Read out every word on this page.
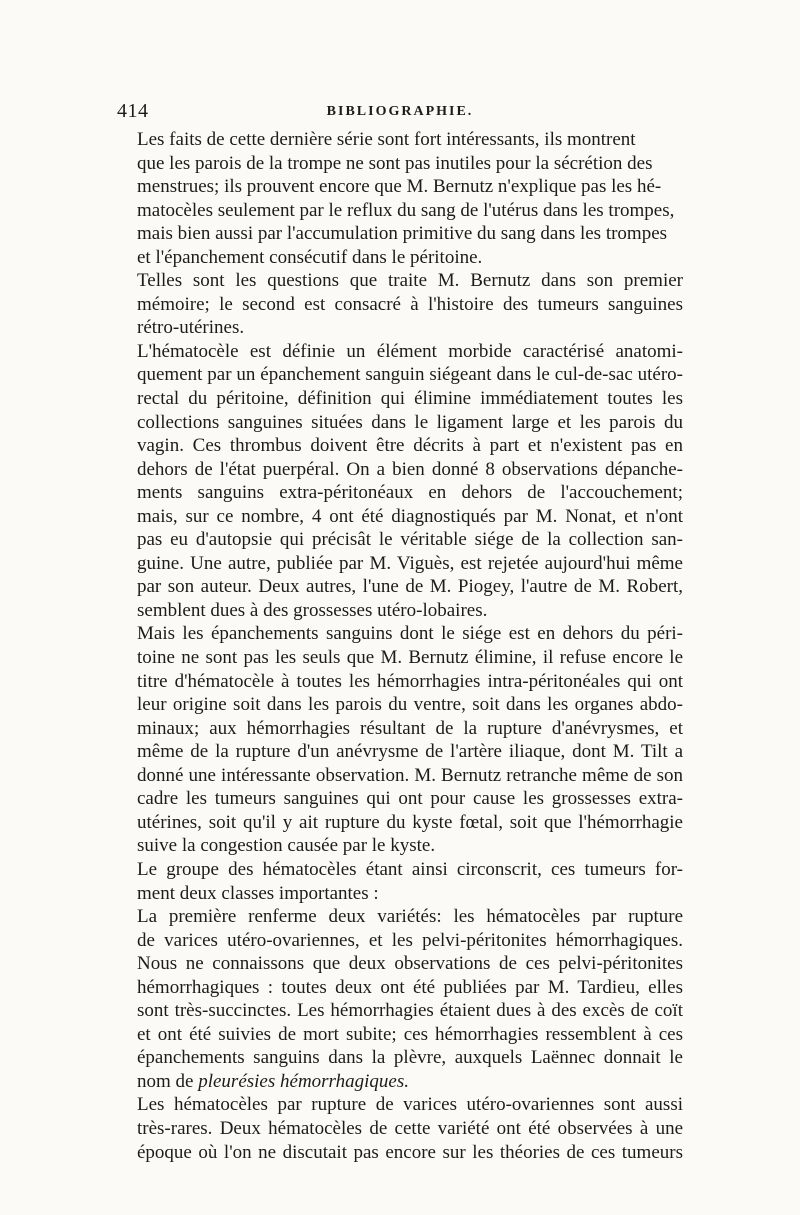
414	BIBLIOGRAPHIE.

Les faits de cette dernière série sont fort intéressants, ils montrent
que les parois de la trompe ne sont pas inutiles pour la sécrétion des
menstrues; ils prouvent encore que M. Bernutz n'explique pas les hé-
matocèles seulement par le reflux du sang de l'utérus dans les trompes,
mais bien aussi par l'accumulation primitive du sang dans les trompes
et l'épanchement consécutif dans le péritoine.

Telles sont les questions que traite M. Bernutz dans son premier
mémoire; le second est consacré à l'histoire des tumeurs sanguines
rétro-utérines.

L'hématocèle est définie un élément morbide caractérisé anatomi-
quement par un épanchement sanguin siégeant dans le cul-de-sac utéro-
rectal du péritoine, définition qui élimine immédiatement toutes les
collections sanguines situées dans le ligament large et les parois du
vagin. Ces thrombus doivent être décrits à part et n'existent pas en
dehors de l'état puerpéral. On a bien donné 8 observations dépanche-
ments sanguins extra-péritonéaux en dehors de l'accouchement;
mais, sur ce nombre, 4 ont été diagnostiqués par M. Nonat, et n'ont
pas eu d'autopsie qui précisât le véritable siége de la collection san-
guine. Une autre, publiée par M. Viguès, est rejetée aujourd'hui même
par son auteur. Deux autres, l'une de M. Piogey, l'autre de M. Robert,
semblent dues à des grossesses utéro-lobaires.

Mais les épanchements sanguins dont le siége est en dehors du péri-
toine ne sont pas les seuls que M. Bernutz élimine, il refuse encore le
titre d'hématocèle à toutes les hémorrhagies intra-péritonéales qui ont
leur origine soit dans les parois du ventre, soit dans les organes abdo-
minaux; aux hémorrhagies résultant de la rupture d'anévrysmes, et
même de la rupture d'un anévrysme de l'artère iliaque, dont M. Tilt a
donné une intéressante observation. M. Bernutz retranche même de son
cadre les tumeurs sanguines qui ont pour cause les grossesses extra-
utérines, soit qu'il y ait rupture du kyste fœtal, soit que l'hémorrhagie
suive la congestion causée par le kyste.

Le groupe des hématocèles étant ainsi circonscrit, ces tumeurs for-
ment deux classes importantes :

La première renferme deux variétés: les hématocèles par rupture
de varices utéro-ovariennes, et les pelvi-péritonites hémorrhagiques.
Nous ne connaissons que deux observations de ces pelvi-péritonites
hémorrhagiques : toutes deux ont été publiées par M. Tardieu, elles
sont très-succinctes. Les hémorrhagies étaient dues à des excès de coït
et ont été suivies de mort subite; ces hémorrhagies ressemblent à ces
épanchements sanguins dans la plèvre, auxquels Laënnec donnait le
nom de pleurésies hémorrhagiques.

Les hématocèles par rupture de varices utéro-ovariennes sont aussi
très-rares. Deux hématocèles de cette variété ont été observées à une
époque où l'on ne discutait pas encore sur les théories de ces tumeurs
